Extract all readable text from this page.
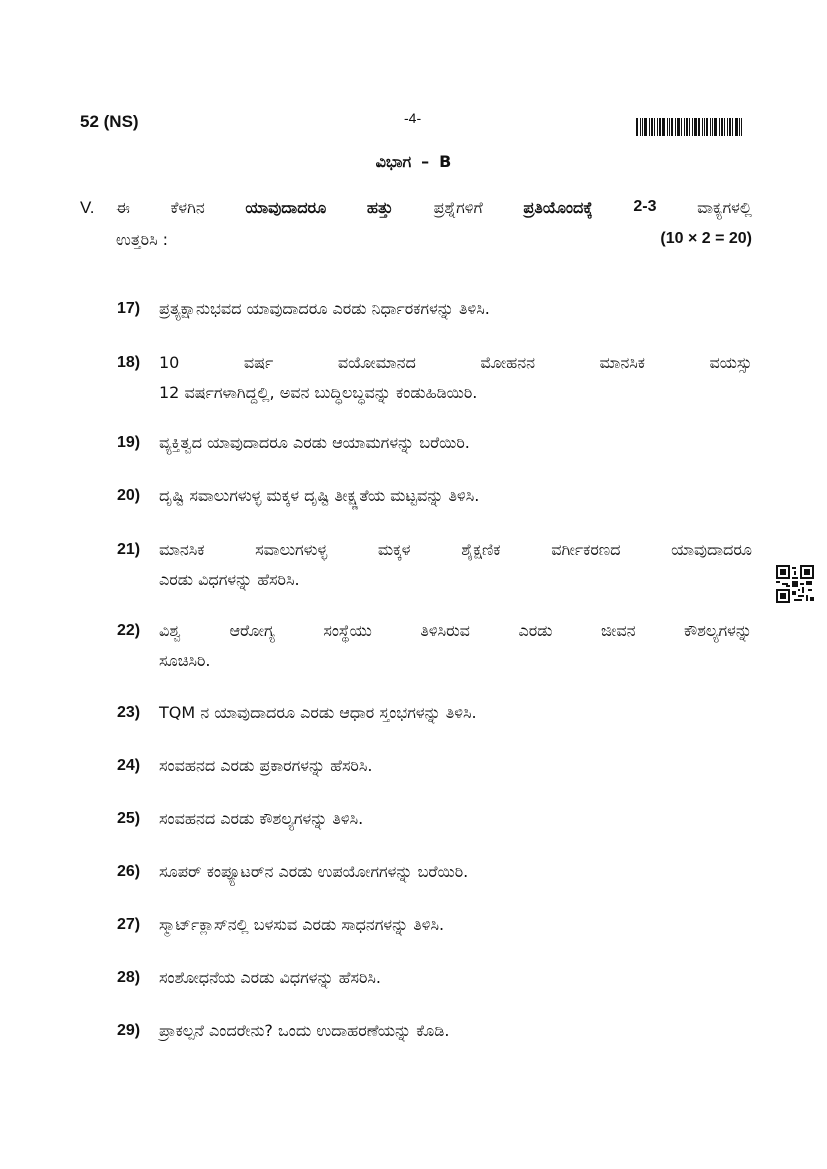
52 (NS)	-4-
ವಿಭಾಗ – B
V.	ಈ	ಕೆಳಗಿನ	ಯಾವುದಾದರೂ	ಹತ್ತು	ಪ್ರಶ್ನೆಗಳಿಗೆ	ಪ್ರತಿಯೊಂದಕ್ಕೆ	2-3	ವಾಕ್ಯಗಳಲ್ಲಿ
ಉತ್ತರಿಸಿ :	(10 × 2 = 20)
17)	ಪ್ರತ್ಯಕ್ಷಾನುಭವದ ಯಾವುದಾದರೂ ಎರಡು ನಿರ್ಧಾರಕಗಳನ್ನು ತಿಳಿಸಿ.
18)	10 ವರ್ಷ ವಯೋಮಾನದ ಮೋಹನನ ಮಾನಸಿಕ ವಯಸ್ಸು
12 ವರ್ಷಗಳಾಗಿದ್ದಲ್ಲಿ, ಅವನ ಬುದ್ಧಿಲಬ್ಧವನ್ನು ಕಂಡುಹಿಡಿಯಿರಿ.
19)	ವ್ಯಕ್ತಿತ್ವದ ಯಾವುದಾದರೂ ಎರಡು ಆಯಾಮಗಳನ್ನು ಬರೆಯಿರಿ.
20)	ದೃಷ್ಟಿ ಸವಾಲುಗಳುಳ್ಳ ಮಕ್ಕಳ ದೃಷ್ಟಿ ತೀಕ್ಷ್ಣತೆಯ ಮಟ್ಟವನ್ನು ತಿಳಿಸಿ.
21)	ಮಾನಸಿಕ ಸವಾಲುಗಳುಳ್ಳ ಮಕ್ಕಳ ಶೈಕ್ಷಣಿಕ ವರ್ಗೀಕರಣದ ಯಾವುದಾದರೂ
ಎರಡು ವಿಧಗಳನ್ನು ಹೆಸರಿಸಿ.
22)	ವಿಶ್ವ ಆರೋಗ್ಯ ಸಂಸ್ಥೆಯು ತಿಳಿಸಿರುವ ಎರಡು ಜೀವನ ಕೌಶಲ್ಯಗಳನ್ನು
ಸೂಚಿಸಿರಿ.
23)	TQM ನ ಯಾವುದಾದರೂ ಎರಡು ಆಧಾರ ಸ್ತಂಭಗಳನ್ನು ತಿಳಿಸಿ.
24)	ಸಂವಹನದ ಎರಡು ಪ್ರಕಾರಗಳನ್ನು ಹೆಸರಿಸಿ.
25)	ಸಂವಹನದ ಎರಡು ಕೌಶಲ್ಯಗಳನ್ನು ತಿಳಿಸಿ.
26)	ಸೂಪರ್ ಕಂಪ್ಯೂಟರ್‌ನ ಎರಡು ಉಪಯೋಗಗಳನ್ನು ಬರೆಯಿರಿ.
27)	ಸ್ಮಾರ್ಟ್‌ಕ್ಲಾಸ್‌ನಲ್ಲಿ ಬಳಸುವ ಎರಡು ಸಾಧನಗಳನ್ನು ತಿಳಿಸಿ.
28)	ಸಂಶೋಧನೆಯ ಎರಡು ವಿಧಗಳನ್ನು ಹೆಸರಿಸಿ.
29)	ಪ್ರಾಕಲ್ಪನೆ ಎಂದರೇನು? ಒಂದು ಉದಾಹರಣೆಯನ್ನು ಕೊಡಿ.
